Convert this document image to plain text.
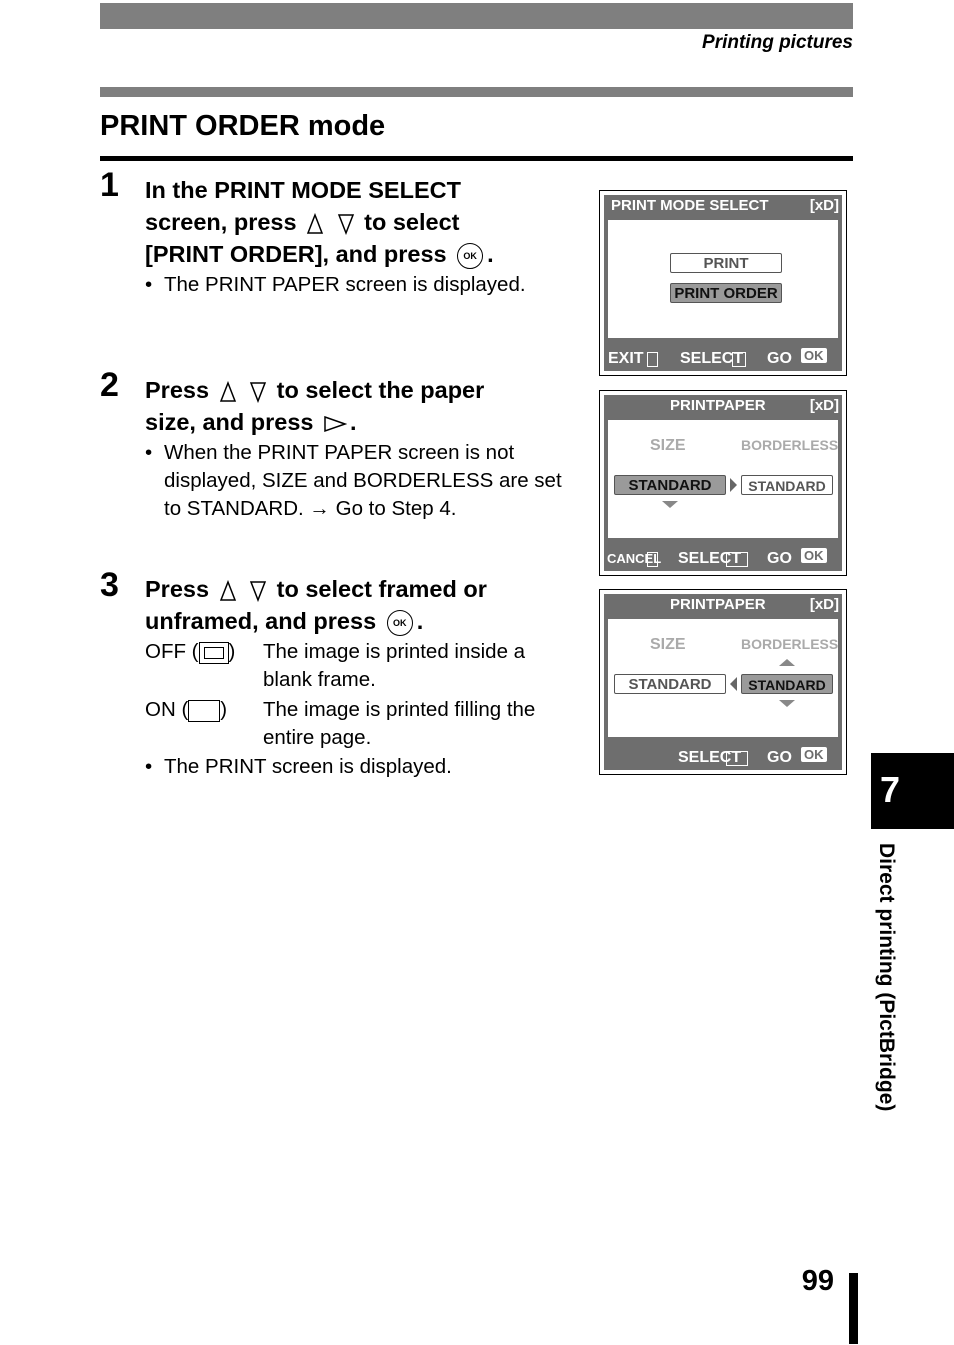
Printing pictures
PRINT ORDER mode
1 In the PRINT MODE SELECT
screen, press	to select
[PRINT ORDER], and press OK .
• The PRINT PAPER screen is displayed.
2 Press	to select the paper
size, and press .
• When the PRINT PAPER screen is not displayed, SIZE and BORDERLESS are set to STANDARD. → Go to Step 4.
3 Press	to select framed or
unframed, and press OK .
OFF ( )	The image is printed inside a blank frame.
ON ( )	The image is printed filling the entire page.
• The PRINT screen is displayed.
PRINT MODE SELECT	[xD]
PRINT
PRINT ORDER
EXIT SELECT GO OK
PRINTPAPER	[xD]
SIZE	BORDERLESS
STANDARD	STANDARD
CANCEL SELECT GO OK
PRINTPAPER	[xD]
SIZE	BORDERLESS
STANDARD	STANDARD
SELECT GO OK
7
Direct printing (PictBridge)
99
